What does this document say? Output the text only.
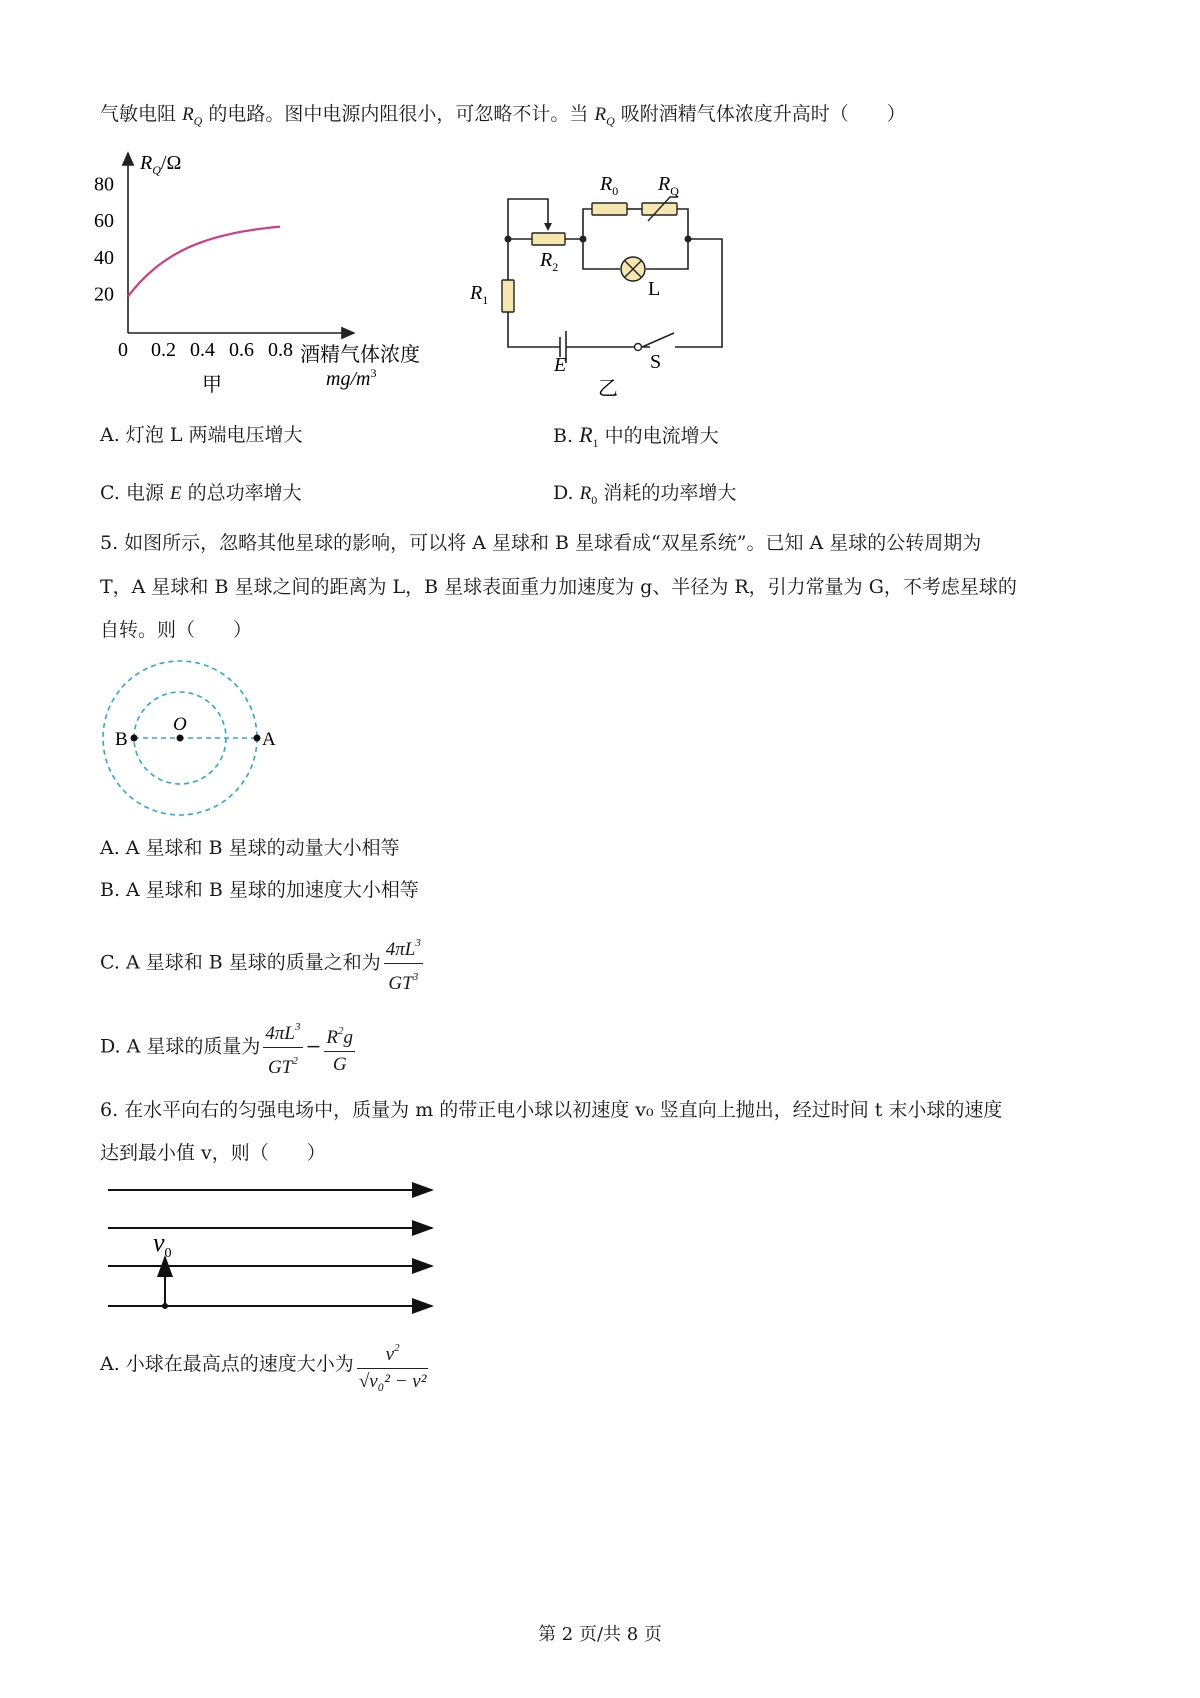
气敏电阻 $R_Q$ 的电路。图中电源内阻很小，可忽略不计。当 $R_Q$ 吸附酒精气体浓度升高时（　　）
$R_Q/\Omega$
80
60
40
20
0 0.2 0.4 0.6 0.8 酒精气体浓度
$mg/m^3$
甲
$R_0$ $R_Q$
$R_2$
$R_1$	L
E	S
乙
A. 灯泡 L 两端电压增大	B. $R_1$ 中的电流增大
C. 电源 E 的总功率增大	D. $R_0$ 消耗的功率增大
5. 如图所示，忽略其他星球的影响，可以将 A 星球和 B 星球看成“双星系统”。已知 A 星球的公转周期为
T，A 星球和 B 星球之间的距离为 L，B 星球表面重力加速度为 g、半径为 R，引力常量为 G，不考虑星球的
自转。则（　　）
B
O
A
A. A 星球和 B 星球的动量大小相等
B. A 星球和 B 星球的加速度大小相等
C. A 星球和 B 星球的质量之和为 $\frac{4\pi L^3}{GT^3}$
D. A 星球的质量为 $\frac{4\pi L^3}{GT^2} - \frac{R^2g}{G}$
6. 在水平向右的匀强电场中，质量为 m 的带正电小球以初速度 v₀ 竖直向上抛出，经过时间 t 末小球的速度
达到最小值 v，则（　　）
$v_0$
A. 小球在最高点的速度大小为 $\frac{v^2}{\text{√v₀² − v²}}$
第 2 页/共 8 页
